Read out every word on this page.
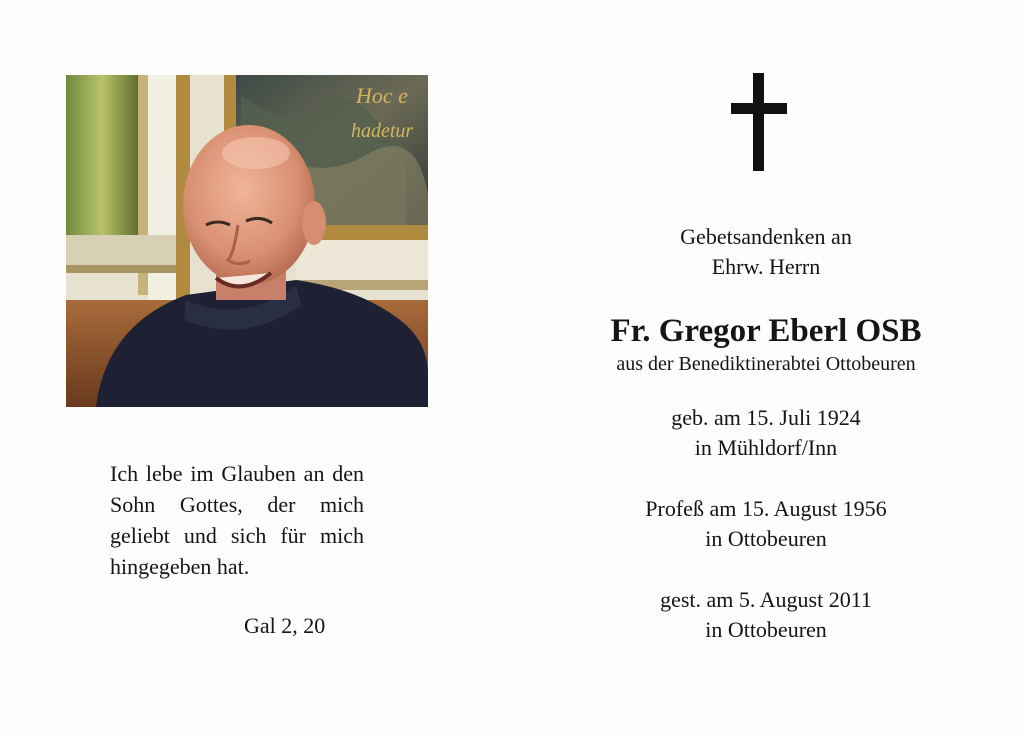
Hoc e
hadetur
Gebetsandenken an
Ehrw. Herrn
Fr. Gregor Eberl OSB
aus der Benediktinerabtei Ottobeuren
geb. am 15. Juli 1924
in Mühldorf/Inn
Profeß am 15. August 1956
in Ottobeuren
gest. am 5. August 2011
in Ottobeuren
Ich lebe im Glauben an den Sohn Gottes, der mich geliebt und sich für mich hingegeben hat.
Gal 2, 20
